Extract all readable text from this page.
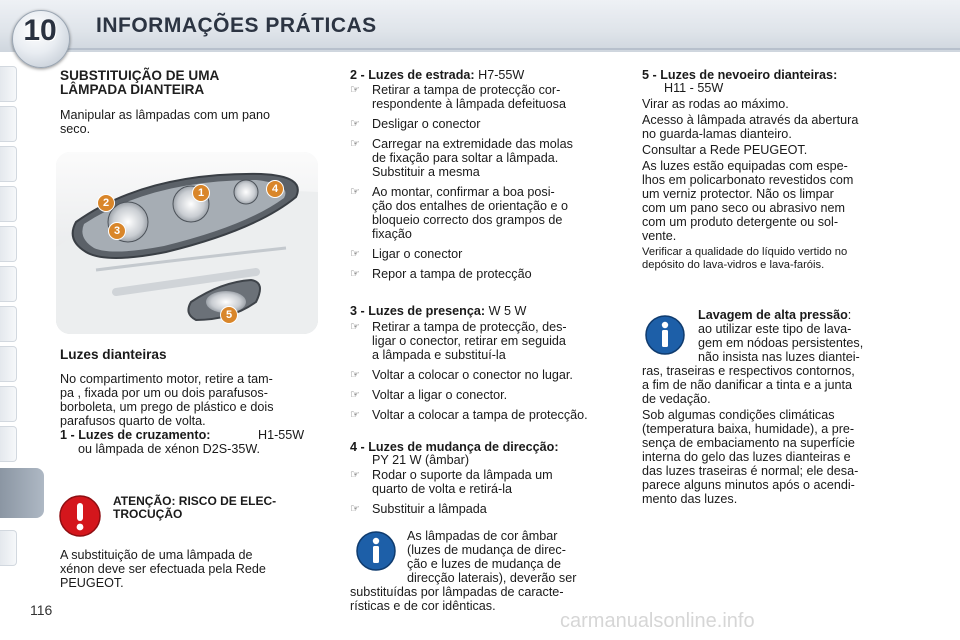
10	INFORMAÇÕES PRÁTICAS
SUBSTITUIÇÃO DE UMA
LÂMPADA DIANTEIRA
Manipular as lâmpadas com um pano
seco.
2
1	4
3
5
Luzes dianteiras
No compartimento motor, retire a tam-
pa , fixada por um ou dois parafusos-
borboleta, um prego de plástico e dois
parafusos quarto de volta.
1 - Luzes de cruzamento:	H1-55W
ou lâmpada de xénon D2S-35W.
ATENÇÃO: RISCO DE ELEC-
TROCUÇÃO
A substituição de uma lâmpada de
xénon deve ser efectuada pela Rede
PEUGEOT.
116
2 - Luzes de estrada: H7-55W
☞ Retirar a tampa de protecção cor-
respondente à lâmpada defeituosa
☞ Desligar o conector
☞ Carregar na extremidade das molas
de fixação para soltar a lâmpada.
Substituir a mesma
☞ Ao montar, confirmar a boa posi-
ção dos entalhes de orientação e o
bloqueio correcto dos grampos de
fixação
☞ Ligar o conector
☞ Repor a tampa de protecção
3 - Luzes de presença: W 5 W
☞ Retirar a tampa de protecção, des-
ligar o conector, retirar em seguida
a lâmpada e substituí-la
☞ Voltar a colocar o conector no lugar.
☞ Voltar a ligar o conector.
☞ Voltar a colocar a tampa de protecção.
4 - Luzes de mudança de direcção:
PY 21 W (âmbar)
☞ Rodar o suporte da lâmpada um
quarto de volta e retirá-la
☞ Substituir a lâmpada
As lâmpadas de cor âmbar
(luzes de mudança de direc-
ção e luzes de mudança de
direcção laterais), deverão ser
substituídas por lâmpadas de caracte-
rísticas e de cor idênticas.
5 - Luzes de nevoeiro dianteiras:
H11 - 55W
Virar as rodas ao máximo.
Acesso à lâmpada através da abertura
no guarda-lamas dianteiro.
Consultar a Rede PEUGEOT.
As luzes estão equipadas com espe-
lhos em policarbonato revestidos com
um verniz protector. Não os limpar
com um pano seco ou abrasivo nem
com um produto detergente ou sol-
vente.
Verificar a qualidade do líquido vertido no
depósito do lava-vidros e lava-faróis.
Lavagem de alta pressão:
ao utilizar este tipo de lava-
gem em nódoas persistentes,
não insista nas luzes diantei-
ras, traseiras e respectivos contornos,
a fim de não danificar a tinta e a junta
de vedação.
Sob algumas condições climáticas
(temperatura baixa, humidade), a pre-
sença de embaciamento na superfície
interna do gelo das luzes dianteiras e
das luzes traseiras é normal; ele desa-
parece alguns minutos após o acendi-
mento das luzes.
carmanualsonline.info
